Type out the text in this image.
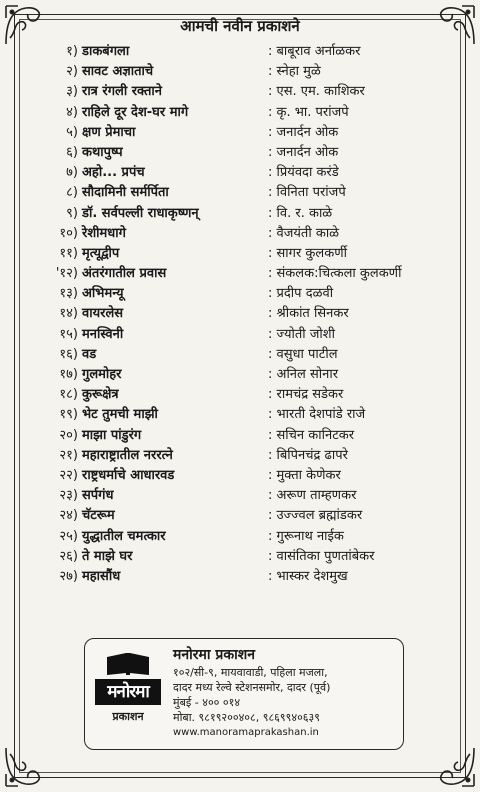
आमची नवीन प्रकाशने
१) डाकबंगला	: बाबूराव अर्नाळकर
२) सावट अज्ञाताचे	: स्नेहा मुळे
३) रात्र रंगली रक्ताने	: एस. एम. काशिकर
४) राहिले दूर देश-घर मागे	: कृ. भा. परांजपे
५) क्षण प्रेमाचा	: जनार्दन ओक
६) कथापुष्प	: जनार्दन ओक
७) अहो... प्रपंच	: प्रियंवदा करंडे
८) सौदामिनी सर्मर्पिता	: विनिता परांजपे
९) डॉ. सर्वपल्ली राधाकृष्णन्	: वि. र. काळे
१०) रेशीमधागे	: वैजयंती काळे
११) मृत्यूद्वीप	: सागर कुलकर्णी
'१२) अंतरंगातील प्रवास	: संकलक:चित्कला कुलकर्णी
१३) अभिमन्यू	: प्रदीप दळवी
१४) वायरलेस	: श्रीकांत सिनकर
१५) मनस्विनी	: ज्योती जोशी
१६) वड	: वसुधा पाटील
१७) गुलमोहर	: अनिल सोनार
१८) कुरूक्षेत्र	: रामचंद्र सडेकर
१९) भेट तुमची माझी	: भारती देशपांडे राजे
२०) माझा पांडुरंग	: सचिन कानिटकर
२१) महाराष्ट्रातील नररत्ने	: बिपिनचंद्र ढापरे
२२) राष्ट्रधर्माचे आधारवड	: मुक्ता केणेकर
२३) सर्पगंध	: अरूण ताम्हणकर
२४) चॅटरूम	: उज्ज्वल ब्रह्मांडकर
२५) युद्धातील चमत्कार	: गुरूनाथ नाईक
२६) ते माझे घर	: वासंतिका पुणतांबेकर
२७) महासौंध	: भास्कर देशमुख
मनोरमा
प्रकाशन
मनोरमा प्रकाशन
१०२/सी-९, मायवावाडी, पहिला मजला,
दादर मध्य रेल्वे स्टेशनसमोर, दादर (पूर्व)
मुंबई - ४०० ०१४
मोबा. ९८१९२००४०८, ९८६९९४०६३९
www.manoramaprakashan.in
